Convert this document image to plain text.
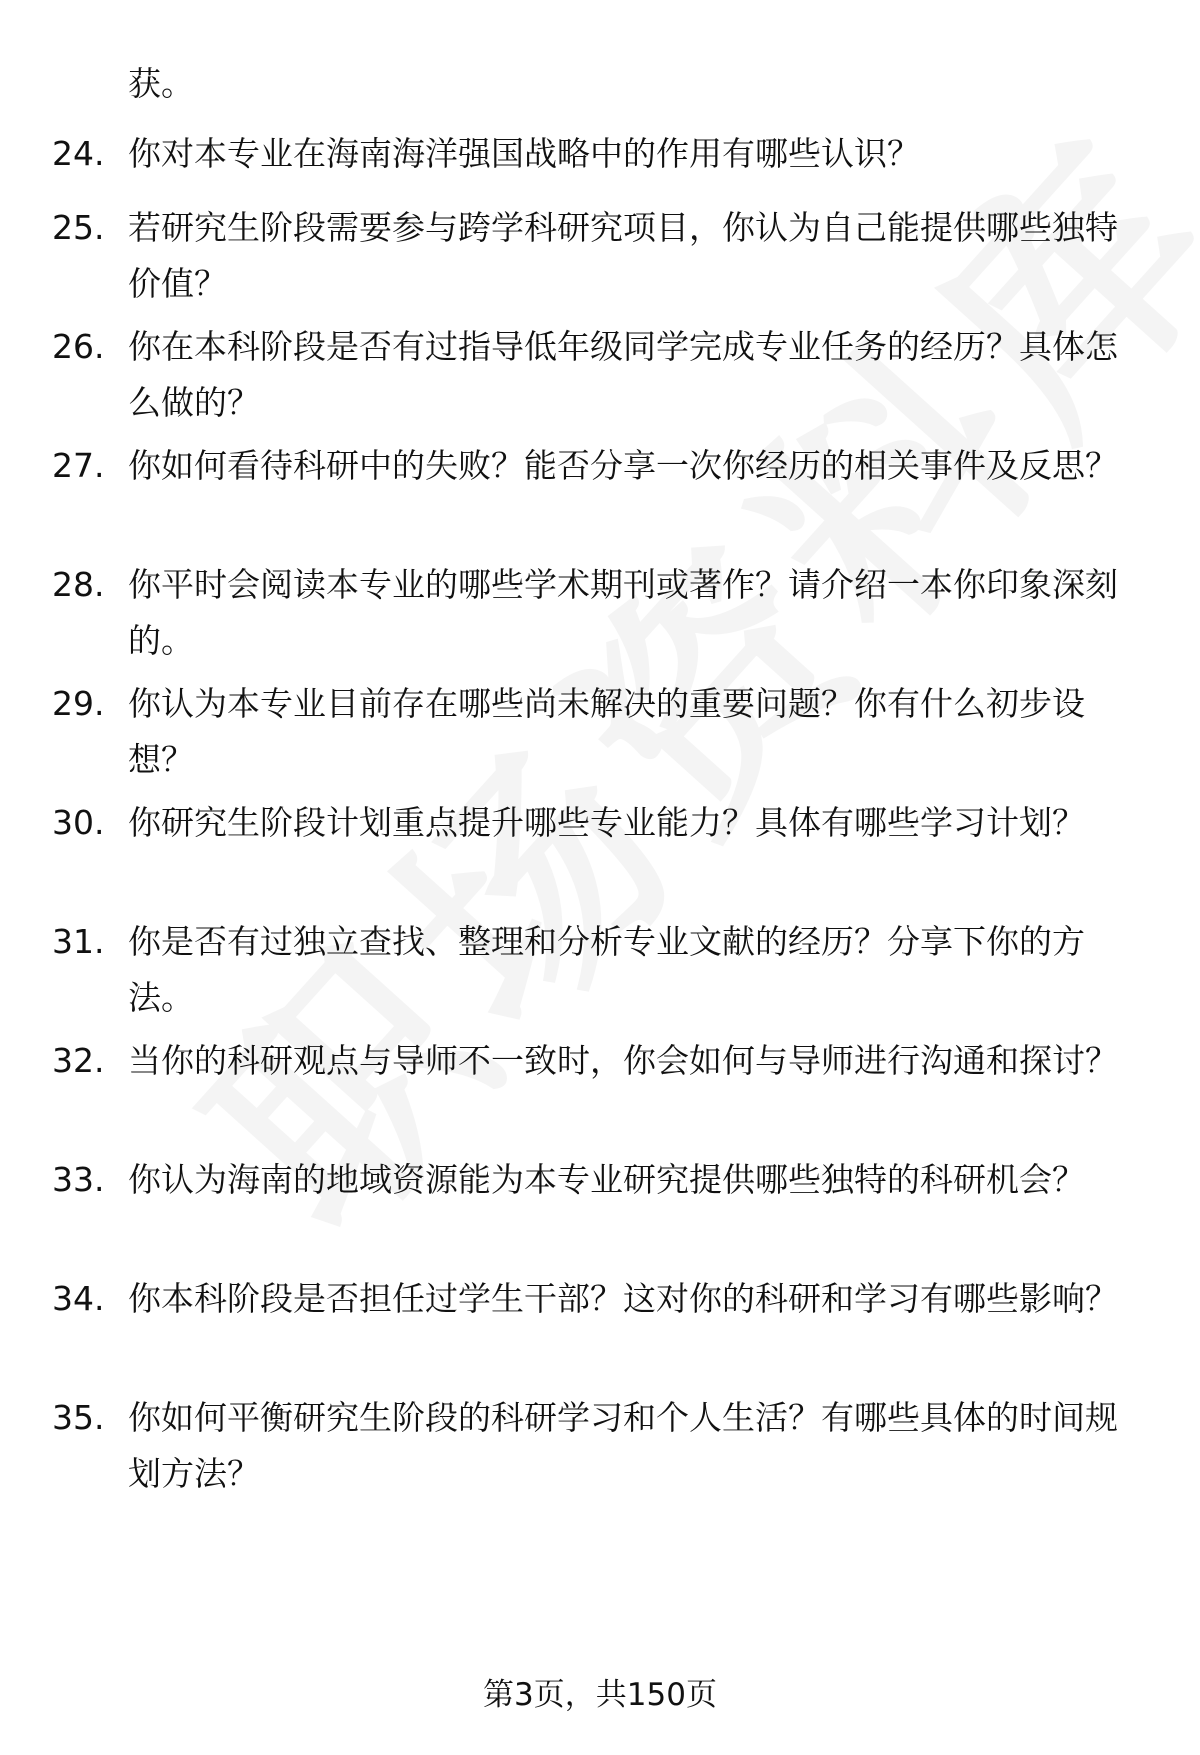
获。
24. 你对本专业在海南海洋强国战略中的作用有哪些认识？
25. 若研究生阶段需要参与跨学科研究项目，你认为自己能提供哪些独特价值？
26. 你在本科阶段是否有过指导低年级同学完成专业任务的经历？具体怎么做的？
27. 你如何看待科研中的失败？能否分享一次你经历的相关事件及反思？
28. 你平时会阅读本专业的哪些学术期刊或著作？请介绍一本你印象深刻的。
29. 你认为本专业目前存在哪些尚未解决的重要问题？你有什么初步设想？
30. 你研究生阶段计划重点提升哪些专业能力？具体有哪些学习计划？
31. 你是否有过独立查找、整理和分析专业文献的经历？分享下你的方法。
32. 当你的科研观点与导师不一致时，你会如何与导师进行沟通和探讨？
33. 你认为海南的地域资源能为本专业研究提供哪些独特的科研机会？
34. 你本科阶段是否担任过学生干部？这对你的科研和学习有哪些影响？
35. 你如何平衡研究生阶段的科研学习和个人生活？有哪些具体的时间规划方法？
第3页，共150页
